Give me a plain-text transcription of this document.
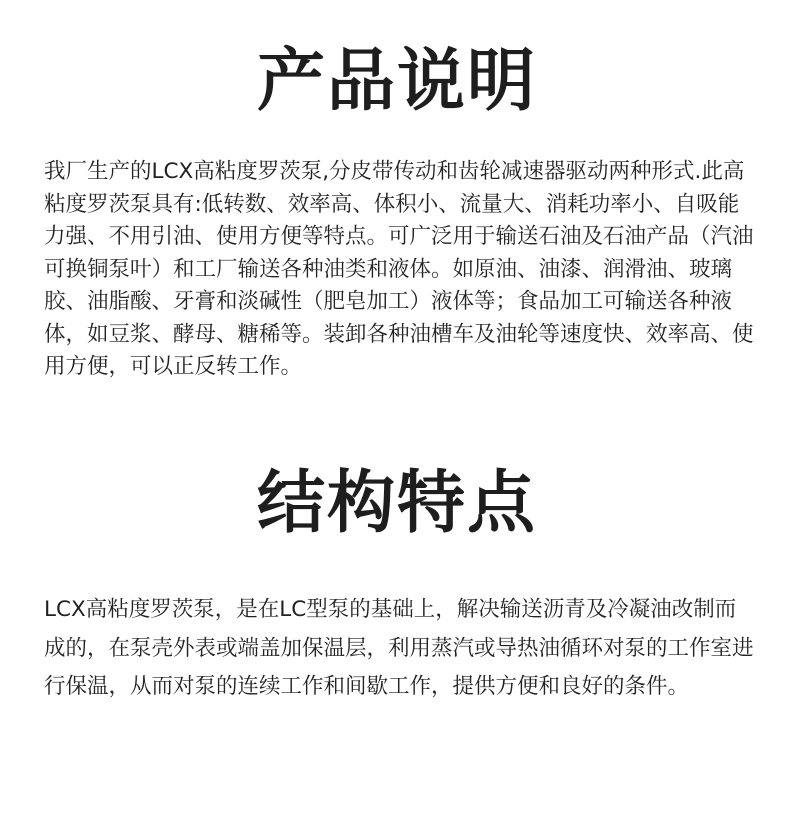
产品说明

我厂生产的LCX高粘度罗茨泵,分皮带传动和齿轮减速器驱动两种形式.此高粘度罗茨泵具有:低转数、效率高、体积小、流量大、消耗功率小、自吸能力强、不用引油、使用方便等特点。可广泛用于输送石油及石油产品（汽油可换铜泵叶）和工厂输送各种油类和液体。如原油、油漆、润滑油、玻璃胶、油脂酸、牙膏和淡碱性（肥皂加工）液体等；食品加工可输送各种液体，如豆浆、酵母、糖稀等。装卸各种油槽车及油轮等速度快、效率高、使用方便，可以正反转工作。

结构特点

LCX高粘度罗茨泵，是在LC型泵的基础上，解决输送沥青及冷凝油改制而成的，在泵壳外表或端盖加保温层，利用蒸汽或导热油循环对泵的工作室进行保温，从而对泵的连续工作和间歇工作，提供方便和良好的条件。
